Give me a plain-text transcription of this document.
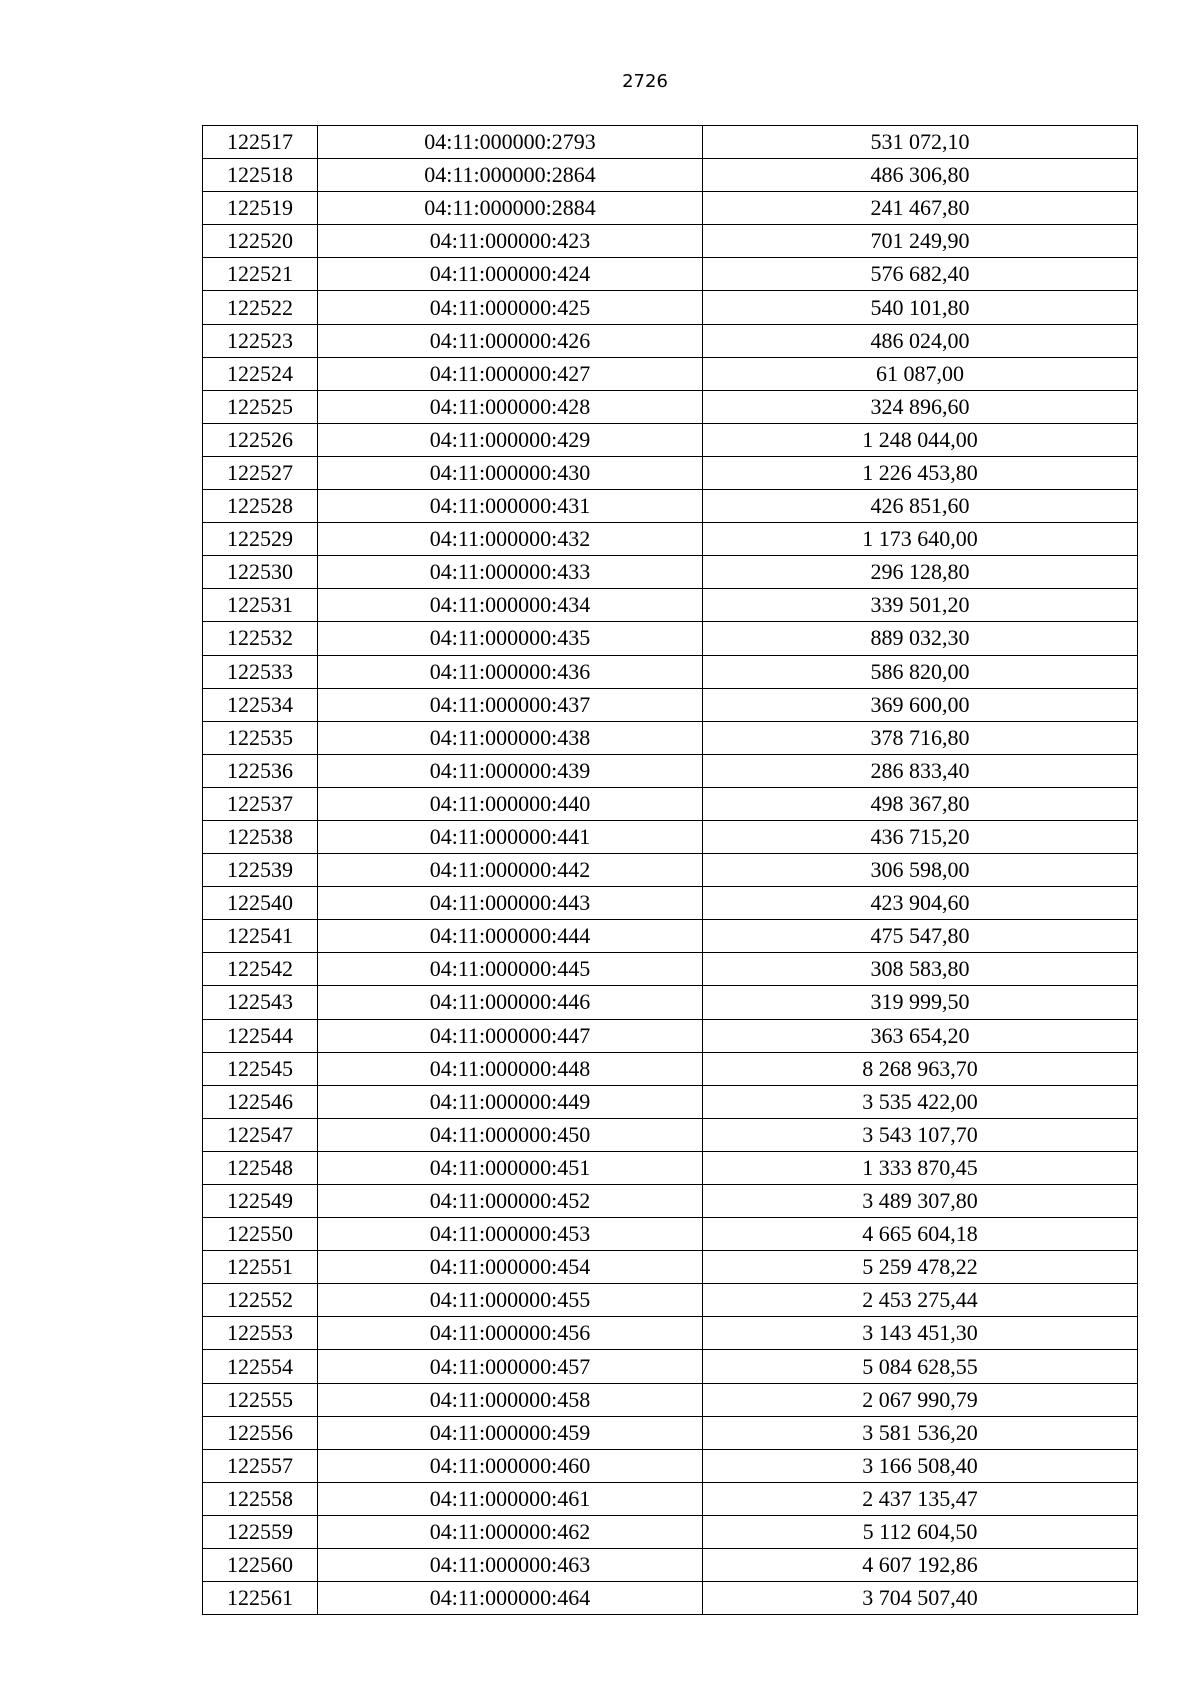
2726
122517	04:11:000000:2793	531 072,10
122518	04:11:000000:2864	486 306,80
122519	04:11:000000:2884	241 467,80
122520	04:11:000000:423	701 249,90
122521	04:11:000000:424	576 682,40
122522	04:11:000000:425	540 101,80
122523	04:11:000000:426	486 024,00
122524	04:11:000000:427	61 087,00
122525	04:11:000000:428	324 896,60
122526	04:11:000000:429	1 248 044,00
122527	04:11:000000:430	1 226 453,80
122528	04:11:000000:431	426 851,60
122529	04:11:000000:432	1 173 640,00
122530	04:11:000000:433	296 128,80
122531	04:11:000000:434	339 501,20
122532	04:11:000000:435	889 032,30
122533	04:11:000000:436	586 820,00
122534	04:11:000000:437	369 600,00
122535	04:11:000000:438	378 716,80
122536	04:11:000000:439	286 833,40
122537	04:11:000000:440	498 367,80
122538	04:11:000000:441	436 715,20
122539	04:11:000000:442	306 598,00
122540	04:11:000000:443	423 904,60
122541	04:11:000000:444	475 547,80
122542	04:11:000000:445	308 583,80
122543	04:11:000000:446	319 999,50
122544	04:11:000000:447	363 654,20
122545	04:11:000000:448	8 268 963,70
122546	04:11:000000:449	3 535 422,00
122547	04:11:000000:450	3 543 107,70
122548	04:11:000000:451	1 333 870,45
122549	04:11:000000:452	3 489 307,80
122550	04:11:000000:453	4 665 604,18
122551	04:11:000000:454	5 259 478,22
122552	04:11:000000:455	2 453 275,44
122553	04:11:000000:456	3 143 451,30
122554	04:11:000000:457	5 084 628,55
122555	04:11:000000:458	2 067 990,79
122556	04:11:000000:459	3 581 536,20
122557	04:11:000000:460	3 166 508,40
122558	04:11:000000:461	2 437 135,47
122559	04:11:000000:462	5 112 604,50
122560	04:11:000000:463	4 607 192,86
122561	04:11:000000:464	3 704 507,40
